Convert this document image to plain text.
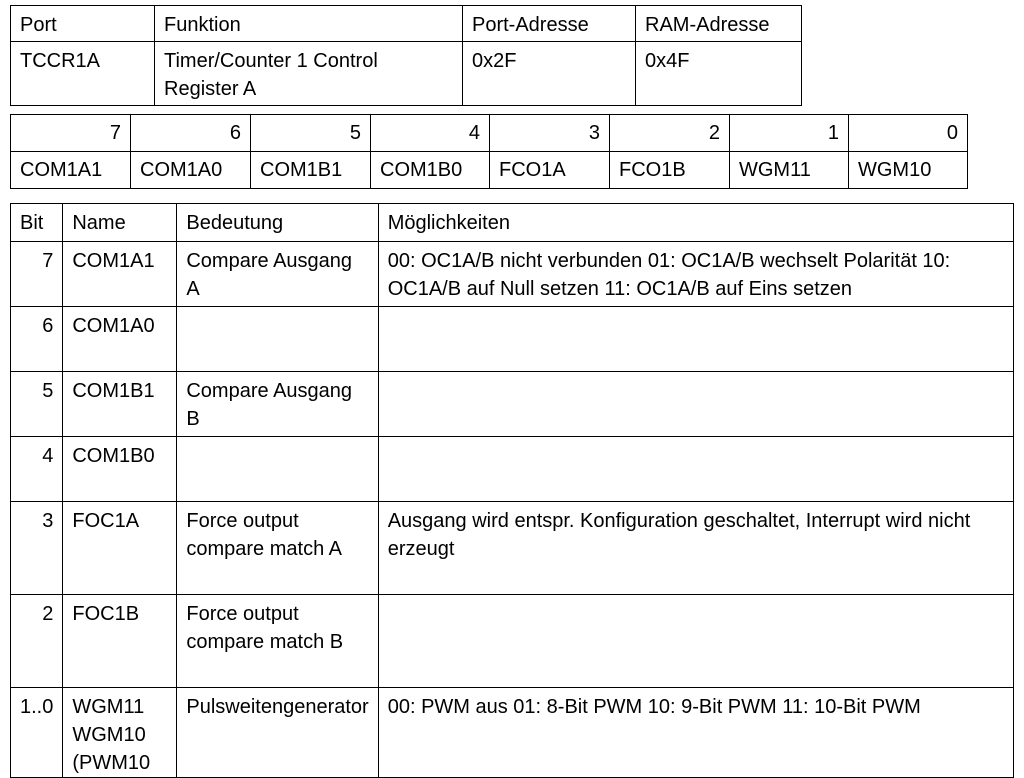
Port	Funktion	Port-Adresse	RAM-Adresse
TCCR1A	Timer/Counter 1 Control Register A	0x2F	0x4F
7	6	5	4	3	2	1	0
COM1A1	COM1A0	COM1B1	COM1B0	FCO1A	FCO1B	WGM11	WGM10
Bit	Name	Bedeutung	Möglichkeiten
7	COM1A1	Compare Ausgang A	00: OC1A/B nicht verbunden 01: OC1A/B wechselt Polarität 10: OC1A/B auf Null setzen 11: OC1A/B auf Eins setzen
6	COM1A0		
5	COM1B1	Compare Ausgang B	
4	COM1B0		
3	FOC1A	Force output compare match A	Ausgang wird entspr. Konfiguration geschaltet, Interrupt wird nicht erzeugt
2	FOC1B	Force output compare match B	
1..0	WGM11 WGM10 (PWM10	Pulsweitengenerator	00: PWM aus 01: 8-Bit PWM 10: 9-Bit PWM 11: 10-Bit PWM
